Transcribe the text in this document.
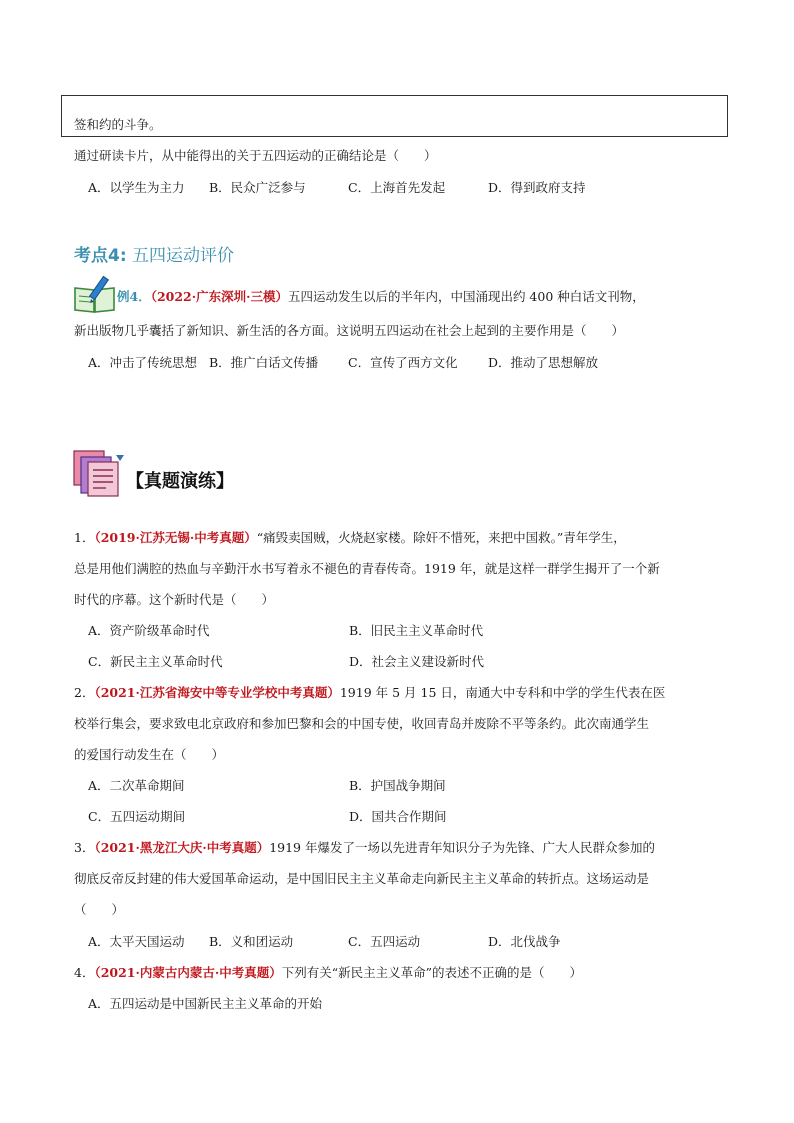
签和约的斗争。
通过研读卡片，从中能得出的关于五四运动的正确结论是（　　）
A．以学生为主力 B．民众广泛参与	C．上海首先发起	D．得到政府支持
考点4: 五四运动评价
例4．（2022·广东深圳·三模）五四运动发生以后的半年内，中国涌现出约 400 种白话文刊物，
新出版物几乎囊括了新知识、新生活的各方面。这说明五四运动在社会上起到的主要作用是（　　）
A．冲击了传统思想 B．推广白话文传播 C．宣传了西方文化 D．推动了思想解放
【真题演练】
1．（2019·江苏无锡·中考真题）“痛毁卖国贼，火烧赵家楼。除奸不惜死，来把中国救。”青年学生，
总是用他们满腔的热血与辛勤汗水书写着永不褪色的青春传奇。1919 年，就是这样一群学生揭开了一个新
时代的序幕。这个新时代是（　　）
A．资产阶级革命时代	B．旧民主主义革命时代
C．新民主主义革命时代	D．社会主义建设新时代
2．（2021·江苏省海安中等专业学校中考真题）1919 年 5 月 15 日，南通大中专科和中学的学生代表在医
校举行集会，要求致电北京政府和参加巴黎和会的中国专使，收回青岛并废除不平等条约。此次南通学生
的爱国行动发生在（　　）
A．二次革命期间	B．护国战争期间
C．五四运动期间	D．国共合作期间
3．（2021·黑龙江大庆·中考真题）1919 年爆发了一场以先进青年知识分子为先锋、广大人民群众参加的
彻底反帝反封建的伟大爱国革命运动，是中国旧民主主义革命走向新民主主义革命的转折点。这场运动是
（　　）
A．太平天国运动 B．义和团运动	C．五四运动	D．北伐战争
4．（2021·内蒙古内蒙古·中考真题）下列有关“新民主主义革命”的表述不正确的是（　　）
A．五四运动是中国新民主主义革命的开始
